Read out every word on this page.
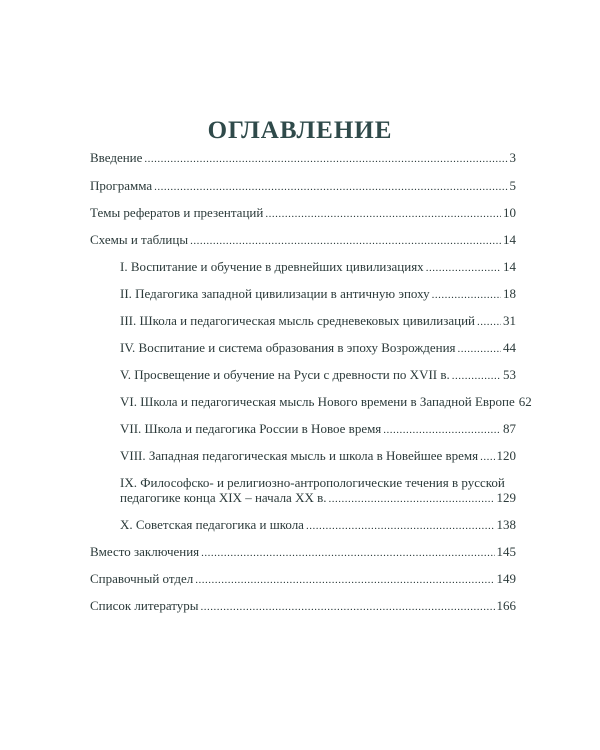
ОГЛАВЛЕНИЕ
Введение .....	3
Программа .....	5
Темы рефератов и презентаций .....	10
Схемы и таблицы .....	14
I. Воспитание и обучение в древнейших цивилизациях .....	14
II. Педагогика западной цивилизации в античную эпоху .....	18
III. Школа и педагогическая мысль средневековых цивилизаций ..... 31
IV. Воспитание и система образования в эпоху Возрождения .....	44
V. Просвещение и обучение на Руси с древности по XVII в. .....	53
VI. Школа и педагогическая мысль Нового времени в Западной Европе 62
VII. Школа и педагогика России в Новое время .....	87
VIII. Западная педагогическая мысль и школа в Новейшее время ..... 120
IX. Философско- и религиозно-антропологические течения в русской
педагогике конца XIX – начала XX в. .....	129
X. Советская педагогика и школа .....	138
Вместо заключения .....	145
Справочный отдел .....	149
Список литературы .....	166
